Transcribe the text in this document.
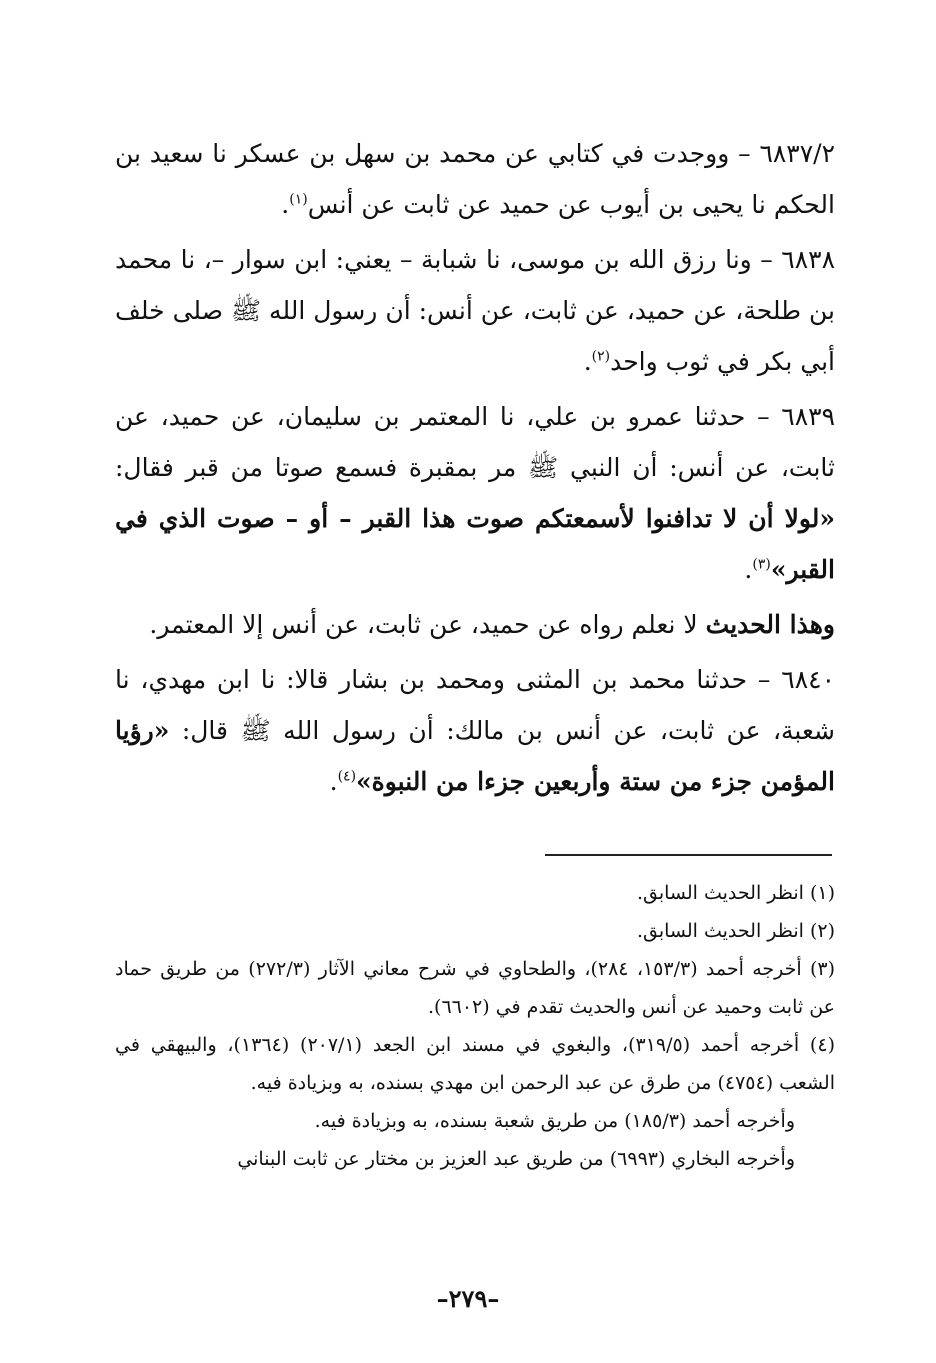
٦٨٣٧/٢ – ووجدت في كتابي عن محمد بن سهل بن عسكر نا سعيد بن الحكم نا يحيى بن أيوب عن حميد عن ثابت عن أنس$^{(١)}$.

٦٨٣٨ – ونا رزق الله بن موسى، نا شبابة – يعني: ابن سوار –، نا محمد بن طلحة، عن حميد، عن ثابت، عن أنس: أن رسول الله ﷺ صلى خلف أبي بكر في ثوب واحد$^{(٢)}$.

٦٨٣٩ – حدثنا عمرو بن علي، نا المعتمر بن سليمان، عن حميد، عن ثابت، عن أنس: أن النبي ﷺ مر بمقبرة فسمع صوتا من قبر فقال: «لولا أن لا تدافنوا لأسمعتكم صوت هذا القبر – أو – صوت الذي في القبر»$^{(٣)}$.

وهذا الحديث لا نعلم رواه عن حميد، عن ثابت، عن أنس إلا المعتمر.

٦٨٤٠ – حدثنا محمد بن المثنى ومحمد بن بشار قالا: نا ابن مهدي، نا شعبة، عن ثابت، عن أنس بن مالك: أن رسول الله ﷺ قال: «رؤيا المؤمن جزء من ستة وأربعين جزءا من النبوة»$^{(٤)}$.

(١) انظر الحديث السابق.

(٢) انظر الحديث السابق.

(٣) أخرجه أحمد (١٥٣/٣، ٢٨٤)، والطحاوي في شرح معاني الآثار (٢٧٢/٣) من طريق حماد عن ثابت وحميد عن أنس والحديث تقدم في (٦٦٠٢).

(٤) أخرجه أحمد (٣١٩/٥)، والبغوي في مسند ابن الجعد (٢٠٧/١) (١٣٦٤)، والبيهقي في الشعب (٤٧٥٤) من طرق عن عبد الرحمن ابن مهدي بسنده، به وبزيادة فيه.

وأخرجه أحمد (١٨٥/٣) من طريق شعبة بسنده، به وبزيادة فيه.

وأخرجه البخاري (٦٩٩٣) من طريق عبد العزيز بن مختار عن ثابت البناني

–٢٧٩–
